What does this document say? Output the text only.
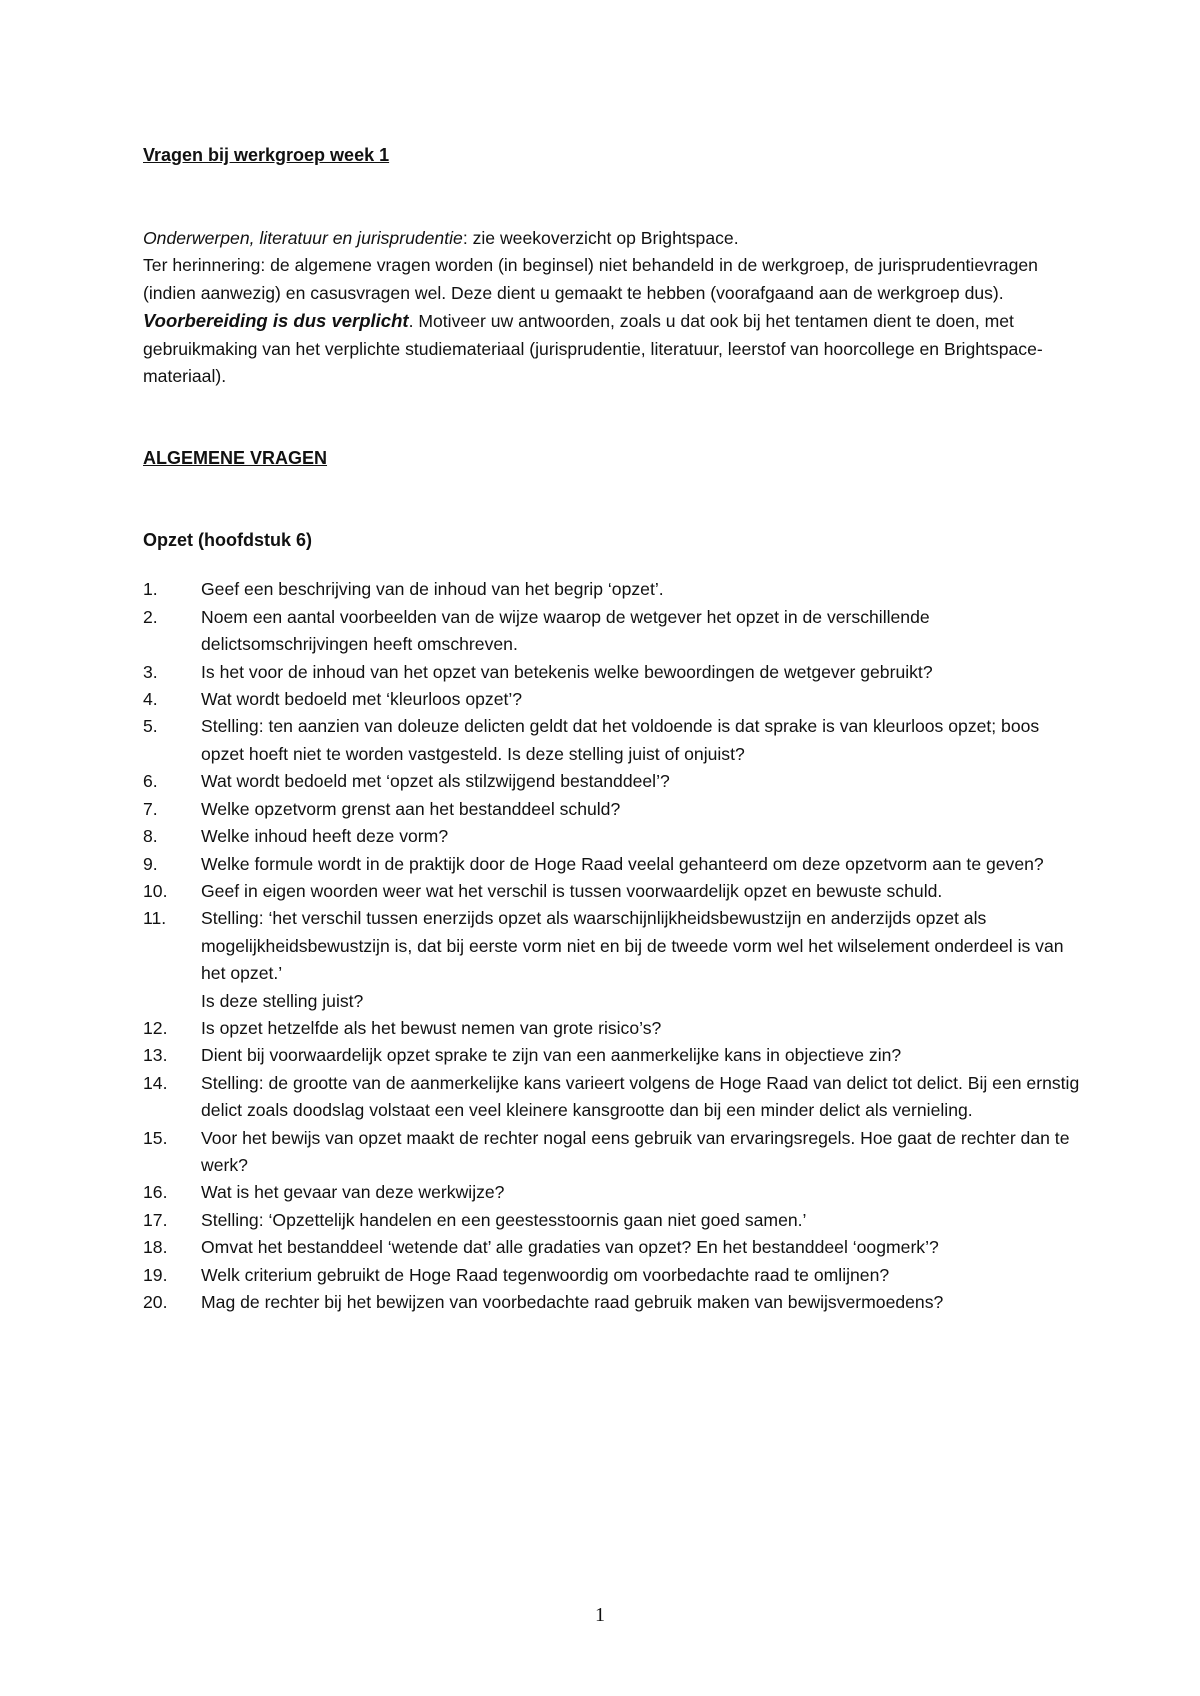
Vragen bij werkgroep week 1

Onderwerpen, literatuur en jurisprudentie: zie weekoverzicht op Brightspace.

Ter herinnering: de algemene vragen worden (in beginsel) niet behandeld in de werkgroep, de jurisprudentievragen (indien aanwezig) en casusvragen wel. Deze dient u gemaakt te hebben (voorafgaand aan de werkgroep dus). Voorbereiding is dus verplicht. Motiveer uw antwoorden, zoals u dat ook bij het tentamen dient te doen, met gebruikmaking van het verplichte studiemateriaal (jurisprudentie, literatuur, leerstof van hoorcollege en Brightspace-materiaal).

ALGEMENE VRAGEN
Opzet (hoofdstuk 6)
1.	Geef een beschrijving van de inhoud van het begrip ‘opzet’.
2.	Noem een aantal voorbeelden van de wijze waarop de wetgever het opzet in de verschillende delictsomschrijvingen heeft omschreven.
3.	Is het voor de inhoud van het opzet van betekenis welke bewoordingen de wetgever gebruikt?
4.	Wat wordt bedoeld met ‘kleurloos opzet’?
5.	Stelling: ten aanzien van doleuze delicten geldt dat het voldoende is dat sprake is van kleurloos opzet; boos opzet hoeft niet te worden vastgesteld. Is deze stelling juist of onjuist?
6.	Wat wordt bedoeld met ‘opzet als stilzwijgend bestanddeel’?
7.	Welke opzetvorm grenst aan het bestanddeel schuld?
8.	Welke inhoud heeft deze vorm?
9.	Welke formule wordt in de praktijk door de Hoge Raad veelal gehanteerd om deze opzetvorm aan te geven?
10.	Geef in eigen woorden weer wat het verschil is tussen voorwaardelijk opzet en bewuste schuld.
11.	Stelling: ‘het verschil tussen enerzijds opzet als waarschijnlijkheidsbewustzijn en anderzijds opzet als mogelijkheidsbewustzijn is, dat bij eerste vorm niet en bij de tweede vorm wel het wilselement onderdeel is van het opzet.’
Is deze stelling juist?
12.	Is opzet hetzelfde als het bewust nemen van grote risico’s?
13.	Dient bij voorwaardelijk opzet sprake te zijn van een aanmerkelijke kans in objectieve zin?
14.	Stelling: de grootte van de aanmerkelijke kans varieert volgens de Hoge Raad van delict tot delict. Bij een ernstig delict zoals doodslag volstaat een veel kleinere kansgrootte dan bij een minder delict als vernieling.
15.	Voor het bewijs van opzet maakt de rechter nogal eens gebruik van ervaringsregels. Hoe gaat de rechter dan te werk?
16.	Wat is het gevaar van deze werkwijze?
17.	Stelling: ‘Opzettelijk handelen en een geestesstoornis gaan niet goed samen.’
18.	Omvat het bestanddeel ‘wetende dat’ alle gradaties van opzet? En het bestanddeel ‘oogmerk’?
19.	Welk criterium gebruikt de Hoge Raad tegenwoordig om voorbedachte raad te omlijnen?
20.	Mag de rechter bij het bewijzen van voorbedachte raad gebruik maken van bewijsvermoedens?
1
